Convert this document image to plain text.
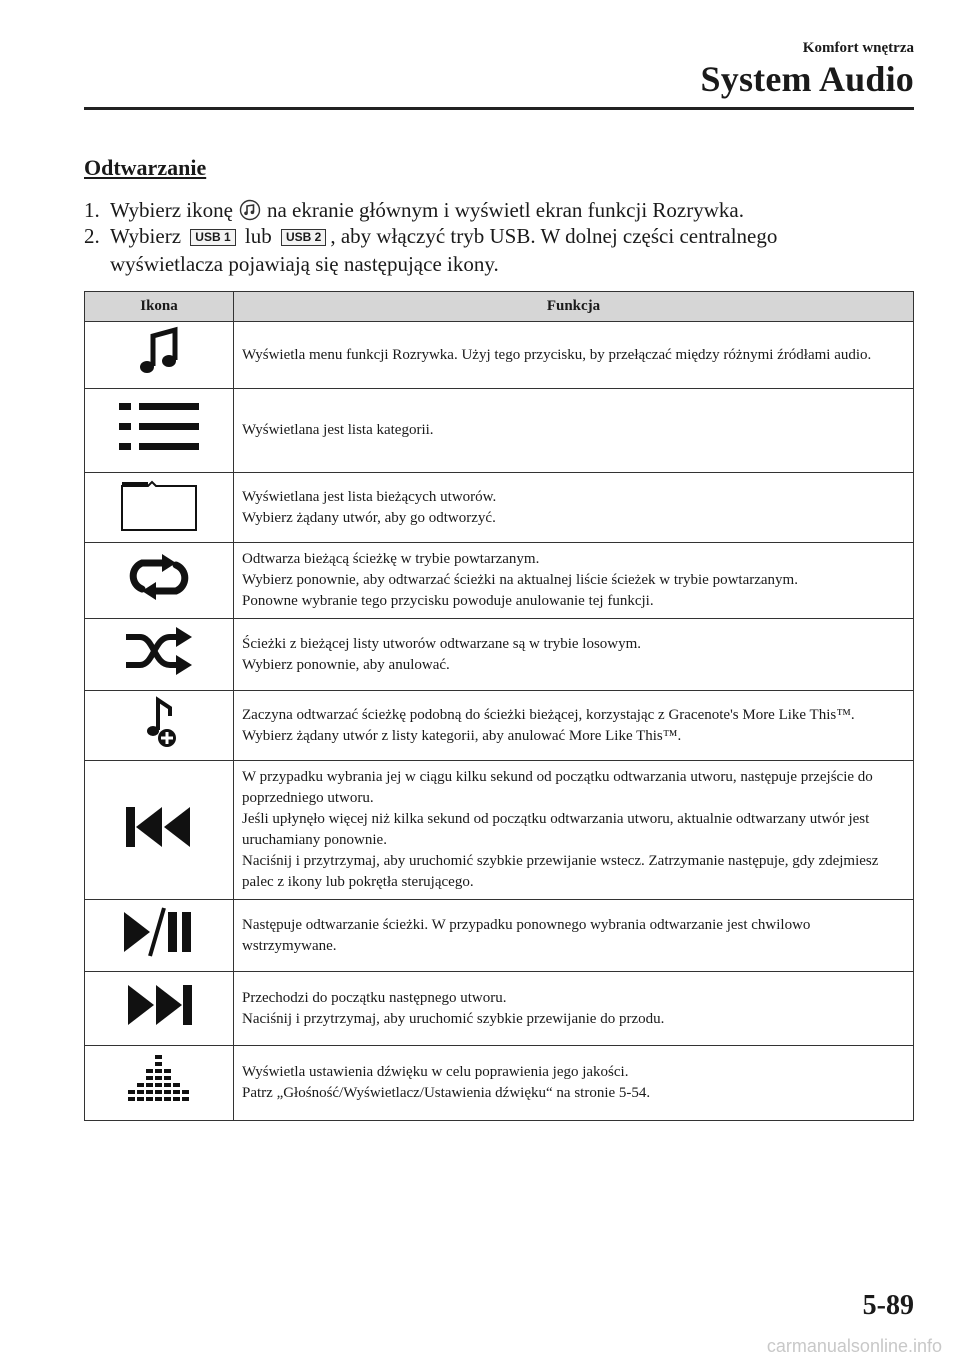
Komfort wnętrza
System Audio
Odtwarzanie
1. Wybierz ikonę na ekranie głównym i wyświetl ekran funkcji Rozrywka.
2. Wybierz USB 1 lub USB 2 , aby włączyć tryb USB. W dolnej części centralnego
wyświetlacza pojawiają się następujące ikony.
Ikona	Funkcja

Wyświetla menu funkcji Rozrywka. Użyj tego przycisku, by przełączać między różnymi źródłami audio.

Wyświetlana jest lista kategorii.

Wyświetlana jest lista bieżących utworów.
Wybierz żądany utwór, aby go odtworzyć.

Odtwarza bieżącą ścieżkę w trybie powtarzanym.
Wybierz ponownie, aby odtwarzać ścieżki na aktualnej liście ścieżek w trybie powtarzanym.
Ponowne wybranie tego przycisku powoduje anulowanie tej funkcji.

Ścieżki z bieżącej listy utworów odtwarzane są w trybie losowym.
Wybierz ponownie, aby anulować.

Zaczyna odtwarzać ścieżkę podobną do ścieżki bieżącej, korzystając z Gracenote's More Like This™. Wybierz żądany utwór z listy kategorii, aby anulować More Like This™.

W przypadku wybrania jej w ciągu kilku sekund od początku odtwarzania utworu, następuje przejście do poprzedniego utworu.
Jeśli upłynęło więcej niż kilka sekund od początku odtwarzania utworu, aktualnie odtwarzany utwór jest uruchamiany ponownie.
Naciśnij i przytrzymaj, aby uruchomić szybkie przewijanie wstecz. Zatrzymanie następuje, gdy zdejmiesz palec z ikony lub pokrętła sterującego.

Następuje odtwarzanie ścieżki. W przypadku ponownego wybrania odtwarzanie jest chwilowo wstrzymywane.

Przechodzi do początku następnego utworu.
Naciśnij i przytrzymaj, aby uruchomić szybkie przewijanie do przodu.

Wyświetla ustawienia dźwięku w celu poprawienia jego jakości.
Patrz „Głośność/Wyświetlacz/Ustawienia dźwięku“ na stronie 5-54.
5-89
carmanualsonline.info
